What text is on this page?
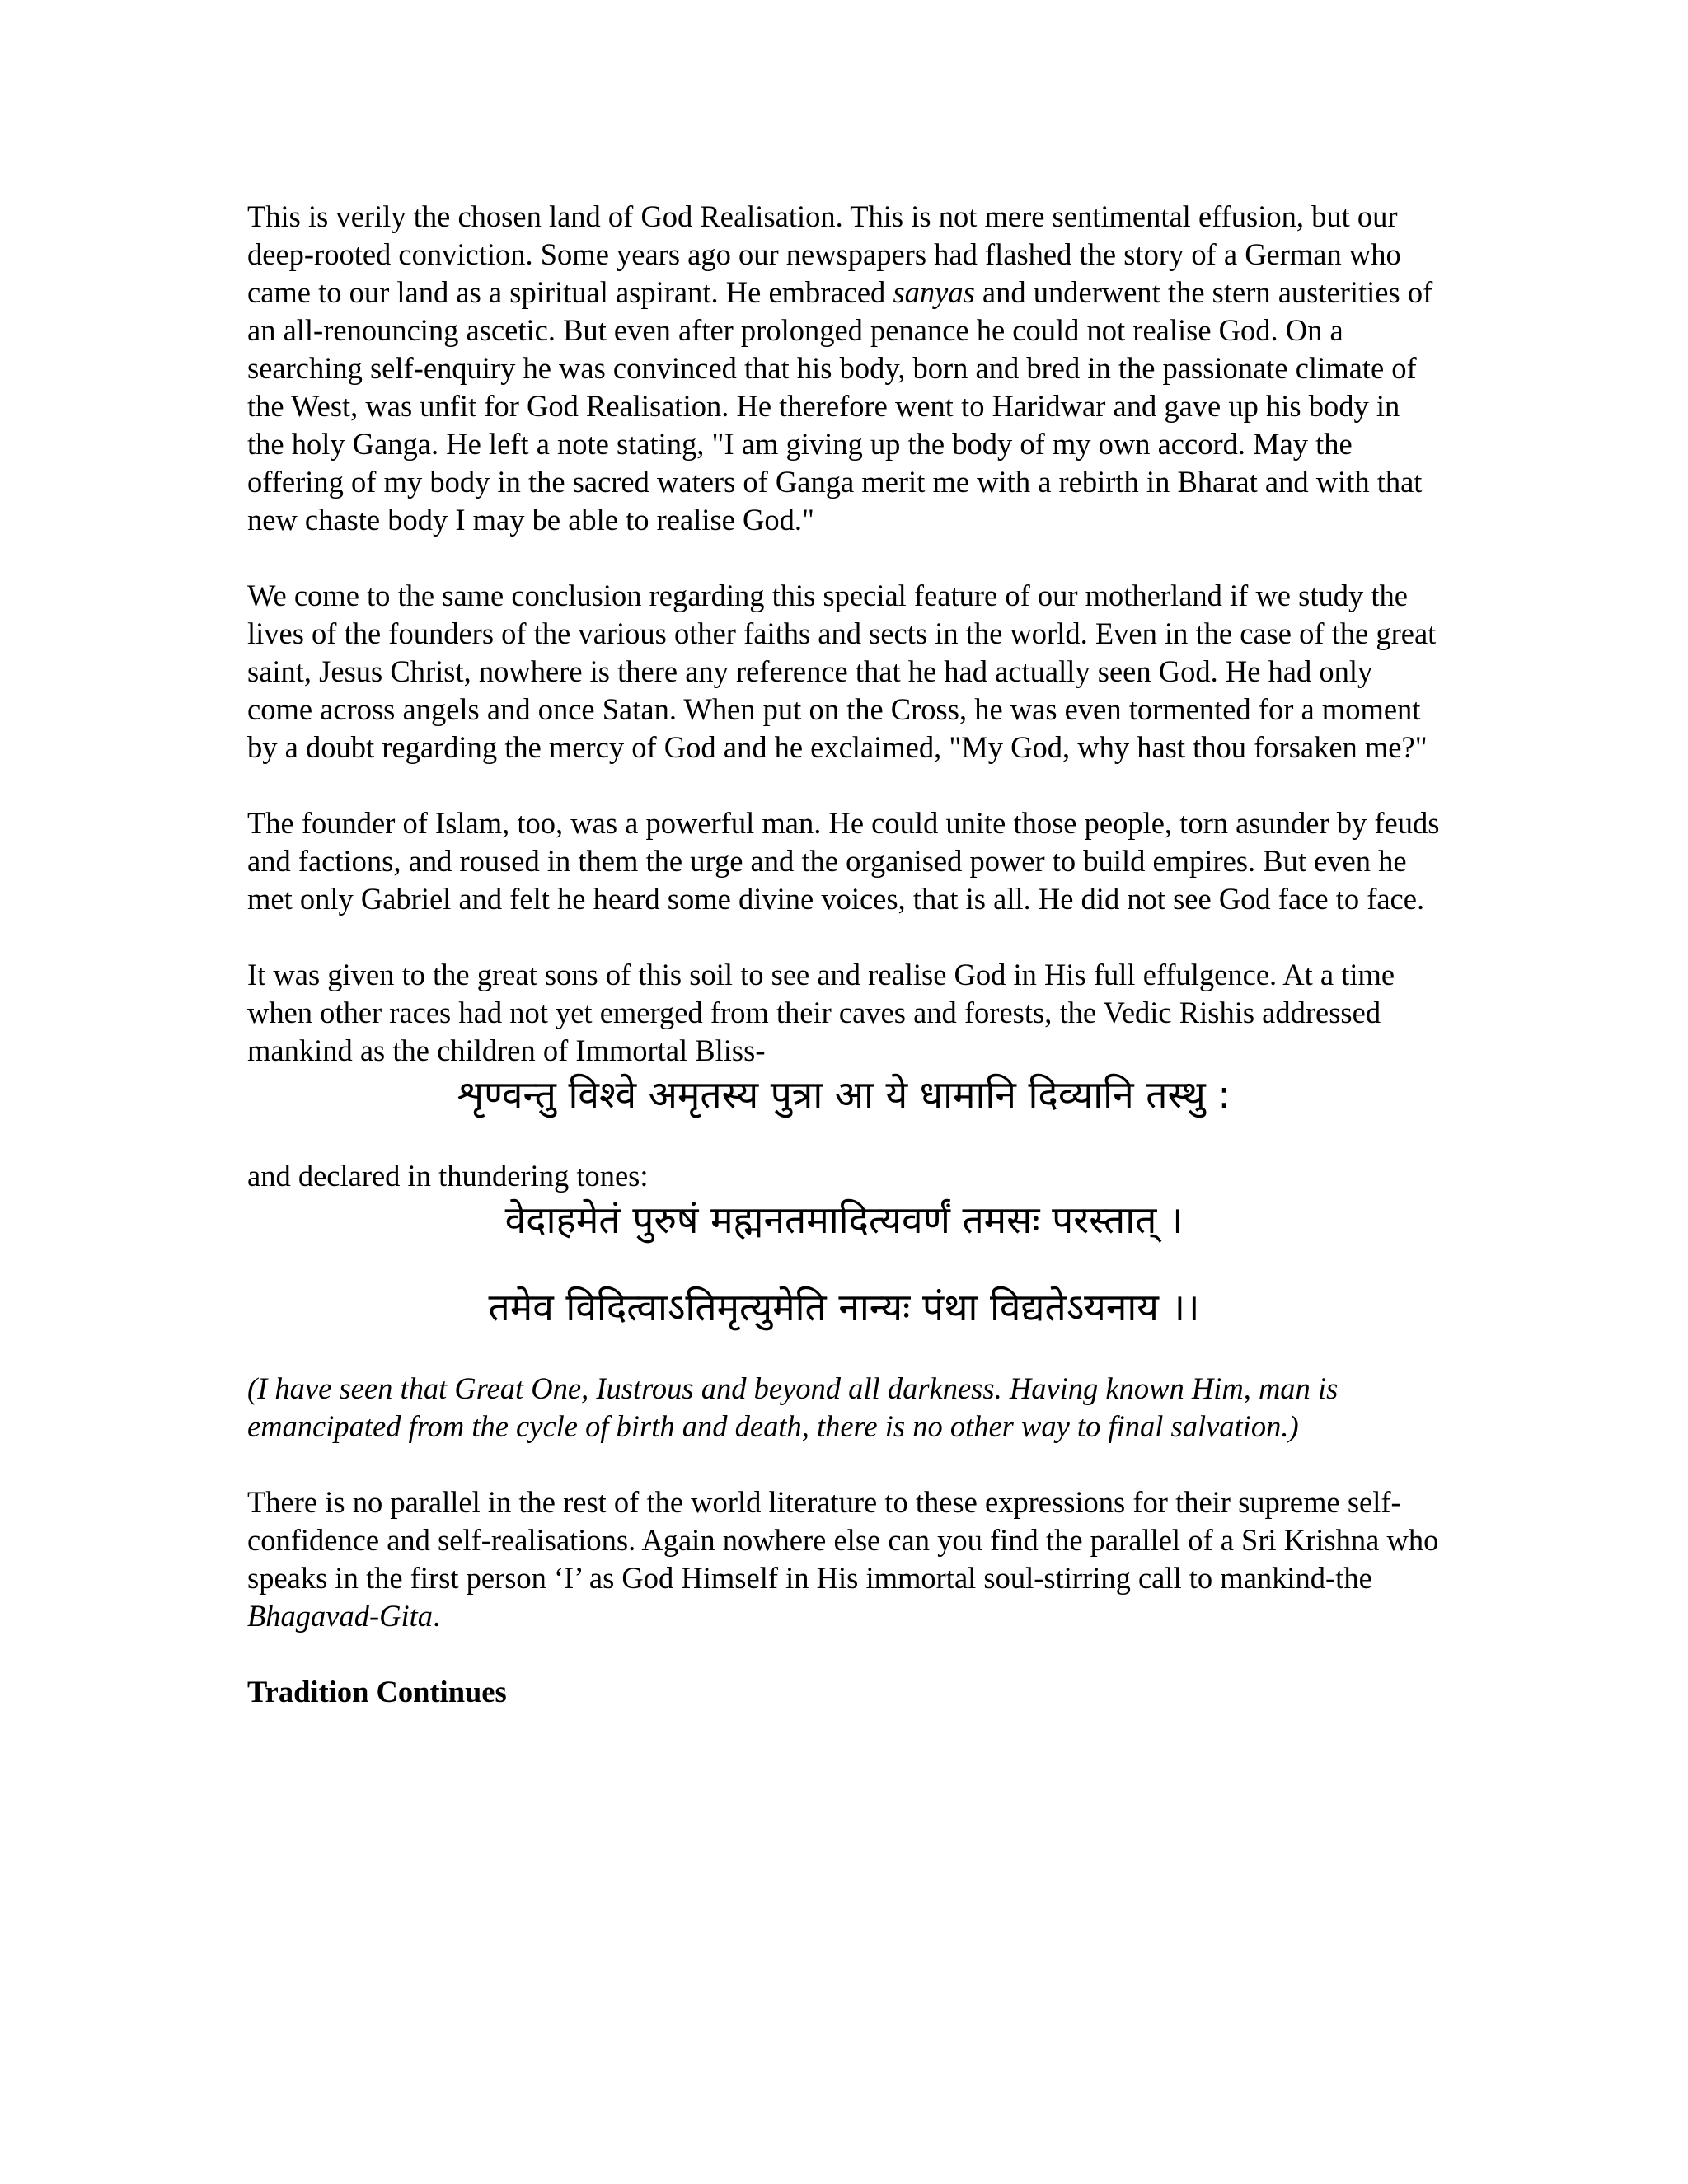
This is verily the chosen land of God Realisation. This is not mere sentimental effusion, but our deep-rooted conviction. Some years ago our newspapers had flashed the story of a German who came to our land as a spiritual aspirant. He embraced sanyas and underwent the stern austerities of an all-renouncing ascetic. But even after prolonged penance he could not realise God. On a searching self-enquiry he was convinced that his body, born and bred in the passionate climate of the West, was unfit for God Realisation. He therefore went to Haridwar and gave up his body in the holy Ganga. He left a note stating, "I am giving up the body of my own accord. May the offering of my body in the sacred waters of Ganga merit me with a rebirth in Bharat and with that new chaste body I may be able to realise God."

We come to the same conclusion regarding this special feature of our motherland if we study the lives of the founders of the various other faiths and sects in the world. Even in the case of the great saint, Jesus Christ, nowhere is there any reference that he had actually seen God. He had only come across angels and once Satan. When put on the Cross, he was even tormented for a moment by a doubt regarding the mercy of God and he exclaimed, "My God, why hast thou forsaken me?"

The founder of Islam, too, was a powerful man. He could unite those people, torn asunder by feuds and factions, and roused in them the urge and the organised power to build empires. But even he met only Gabriel and felt he heard some divine voices, that is all. He did not see God face to face.

It was given to the great sons of this soil to see and realise God in His full effulgence. At a time when other races had not yet emerged from their caves and forests, the Vedic Rishis addressed mankind as the children of Immortal Bliss-

शृण्वन्तु विश्वे अमृतस्य पुत्रा आ ये धामानि दिव्यानि तस्थु :

and declared in thundering tones:

वेदाहमेतं पुरुषं मह्मनतमादित्यवर्णं तमसः परस्तात् ।

तमेव विदित्वाऽतिमृत्युमेति नान्यः पंथा विद्यतेऽयनाय ।।

(I have seen that Great One, Iustrous and beyond all darkness. Having known Him, man is emancipated from the cycle of birth and death, there is no other way to final salvation.)

There is no parallel in the rest of the world literature to these expressions for their supreme self-confidence and self-realisations. Again nowhere else can you find the parallel of a Sri Krishna who speaks in the first person ‘I’ as God Himself in His immortal soul-stirring call to mankind-the Bhagavad-Gita.

Tradition Continues
